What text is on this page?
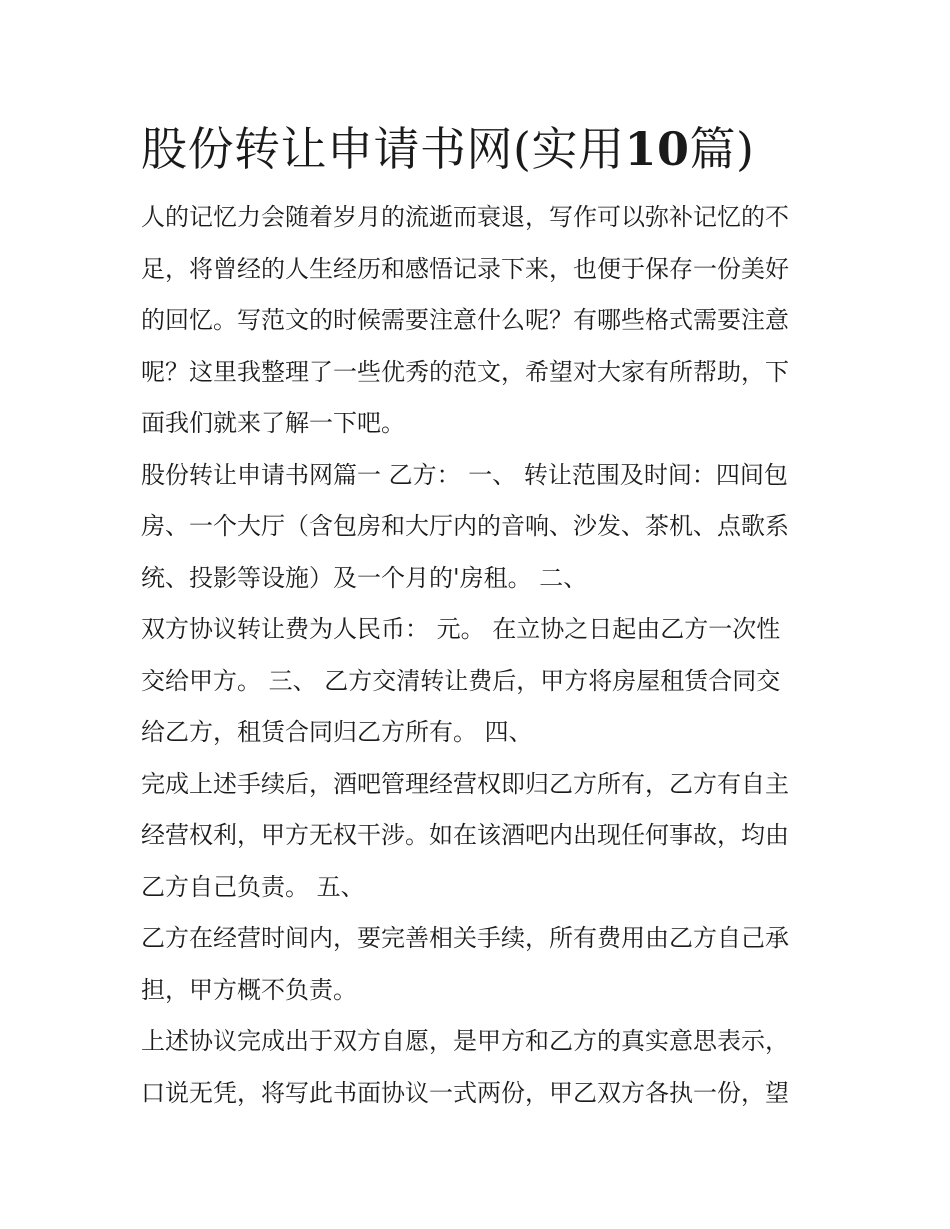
股份转让申请书网(实用10篇)

人的记忆力会随着岁月的流逝而衰退，写作可以弥补记忆的不
足，将曾经的人生经历和感悟记录下来，也便于保存一份美好
的回忆。写范文的时候需要注意什么呢？有哪些格式需要注意
呢？这里我整理了一些优秀的范文，希望对大家有所帮助，下
面我们就来了解一下吧。

股份转让申请书网篇一 乙方： 一、 转让范围及时间：四间包
房、一个大厅（含包房和大厅内的音响、沙发、茶机、点歌系
统、投影等设施）及一个月的'房租。 二、

双方协议转让费为人民币： 元。 在立协之日起由乙方一次性
交给甲方。 三、 乙方交清转让费后，甲方将房屋租赁合同交
给乙方，租赁合同归乙方所有。 四、

完成上述手续后，酒吧管理经营权即归乙方所有，乙方有自主
经营权利，甲方无权干涉。如在该酒吧内出现任何事故，均由
乙方自己负责。 五、

乙方在经营时间内，要完善相关手续，所有费用由乙方自己承
担，甲方概不负责。

上述协议完成出于双方自愿，是甲方和乙方的真实意思表示，
口说无凭，将写此书面协议一式两份，甲乙双方各执一份，望
